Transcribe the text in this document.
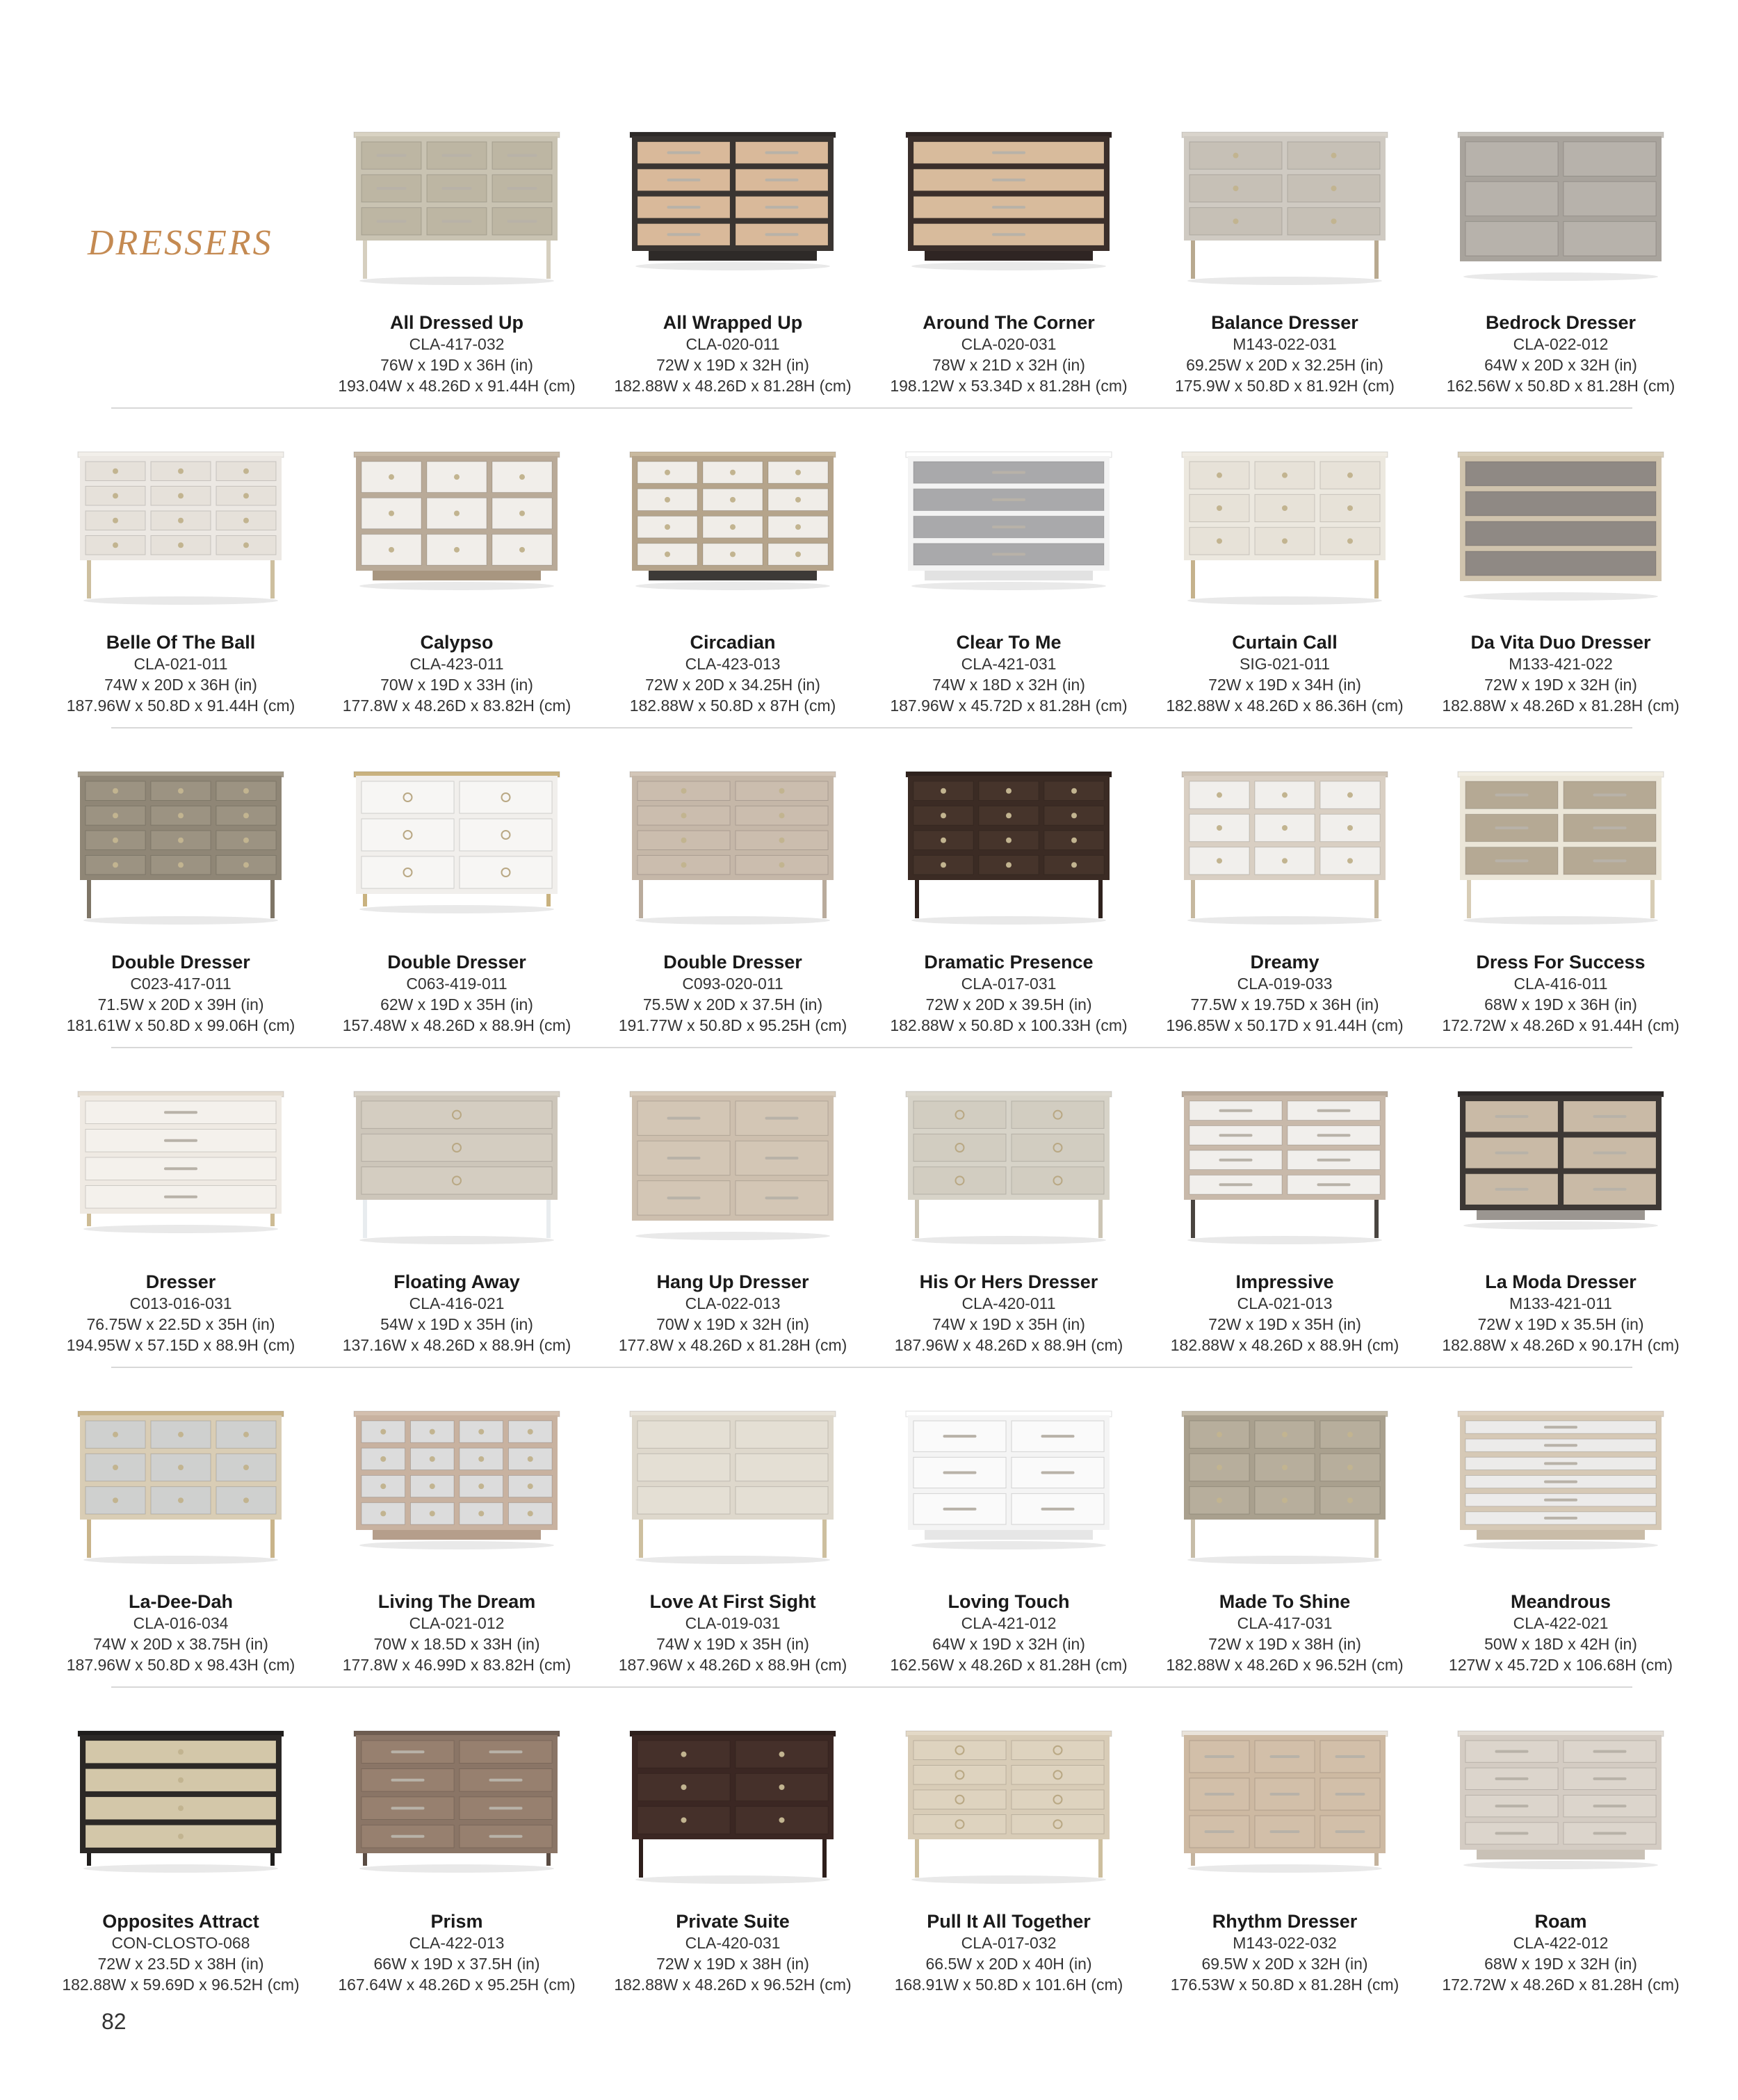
DRESSERS
All Dressed Up
CLA-417-032
76W x 19D x 36H (in)
193.04W x 48.26D x 91.44H (cm)
All Wrapped Up
CLA-020-011
72W x 19D x 32H (in)
182.88W x 48.26D x 81.28H (cm)
Around The Corner
CLA-020-031
78W x 21D x 32H (in)
198.12W x 53.34D x 81.28H (cm)
Balance Dresser
M143-022-031
69.25W x 20D x 32.25H (in)
175.9W x 50.8D x 81.92H (cm)
Bedrock Dresser
CLA-022-012
64W x 20D x 32H (in)
162.56W x 50.8D x 81.28H (cm)
Belle Of The Ball
CLA-021-011
74W x 20D x 36H (in)
187.96W x 50.8D x 91.44H (cm)
Calypso
CLA-423-011
70W x 19D x 33H (in)
177.8W x 48.26D x 83.82H (cm)
Circadian
CLA-423-013
72W x 20D x 34.25H (in)
182.88W x 50.8D x 87H (cm)
Clear To Me
CLA-421-031
74W x 18D x 32H (in)
187.96W x 45.72D x 81.28H (cm)
Curtain Call
SIG-021-011
72W x 19D x 34H (in)
182.88W x 48.26D x 86.36H (cm)
Da Vita Duo Dresser
M133-421-022
72W x 19D x 32H (in)
182.88W x 48.26D x 81.28H (cm)
Double Dresser
C023-417-011
71.5W x 20D x 39H (in)
181.61W x 50.8D x 99.06H (cm)
Double Dresser
C063-419-011
62W x 19D x 35H (in)
157.48W x 48.26D x 88.9H (cm)
Double Dresser
C093-020-011
75.5W x 20D x 37.5H (in)
191.77W x 50.8D x 95.25H (cm)
Dramatic Presence
CLA-017-031
72W x 20D x 39.5H (in)
182.88W x 50.8D x 100.33H (cm)
Dreamy
CLA-019-033
77.5W x 19.75D x 36H (in)
196.85W x 50.17D x 91.44H (cm)
Dress For Success
CLA-416-011
68W x 19D x 36H (in)
172.72W x 48.26D x 91.44H (cm)
Dresser
C013-016-031
76.75W x 22.5D x 35H (in)
194.95W x 57.15D x 88.9H (cm)
Floating Away
CLA-416-021
54W x 19D x 35H (in)
137.16W x 48.26D x 88.9H (cm)
Hang Up Dresser
CLA-022-013
70W x 19D x 32H (in)
177.8W x 48.26D x 81.28H (cm)
His Or Hers Dresser
CLA-420-011
74W x 19D x 35H (in)
187.96W x 48.26D x 88.9H (cm)
Impressive
CLA-021-013
72W x 19D x 35H (in)
182.88W x 48.26D x 88.9H (cm)
La Moda Dresser
M133-421-011
72W x 19D x 35.5H (in)
182.88W x 48.26D x 90.17H (cm)
La-Dee-Dah
CLA-016-034
74W x 20D x 38.75H (in)
187.96W x 50.8D x 98.43H (cm)
Living The Dream
CLA-021-012
70W x 18.5D x 33H (in)
177.8W x 46.99D x 83.82H (cm)
Love At First Sight
CLA-019-031
74W x 19D x 35H (in)
187.96W x 48.26D x 88.9H (cm)
Loving Touch
CLA-421-012
64W x 19D x 32H (in)
162.56W x 48.26D x 81.28H (cm)
Made To Shine
CLA-417-031
72W x 19D x 38H (in)
182.88W x 48.26D x 96.52H (cm)
Meandrous
CLA-422-021
50W x 18D x 42H (in)
127W x 45.72D x 106.68H (cm)
Opposites Attract
CON-CLOSTO-068
72W x 23.5D x 38H (in)
182.88W x 59.69D x 96.52H (cm)
Prism
CLA-422-013
66W x 19D x 37.5H (in)
167.64W x 48.26D x 95.25H (cm)
Private Suite
CLA-420-031
72W x 19D x 38H (in)
182.88W x 48.26D x 96.52H (cm)
Pull It All Together
CLA-017-032
66.5W x 20D x 40H (in)
168.91W x 50.8D x 101.6H (cm)
Rhythm Dresser
M143-022-032
69.5W x 20D x 32H (in)
176.53W x 50.8D x 81.28H (cm)
Roam
CLA-422-012
68W x 19D x 32H (in)
172.72W x 48.26D x 81.28H (cm)
82
